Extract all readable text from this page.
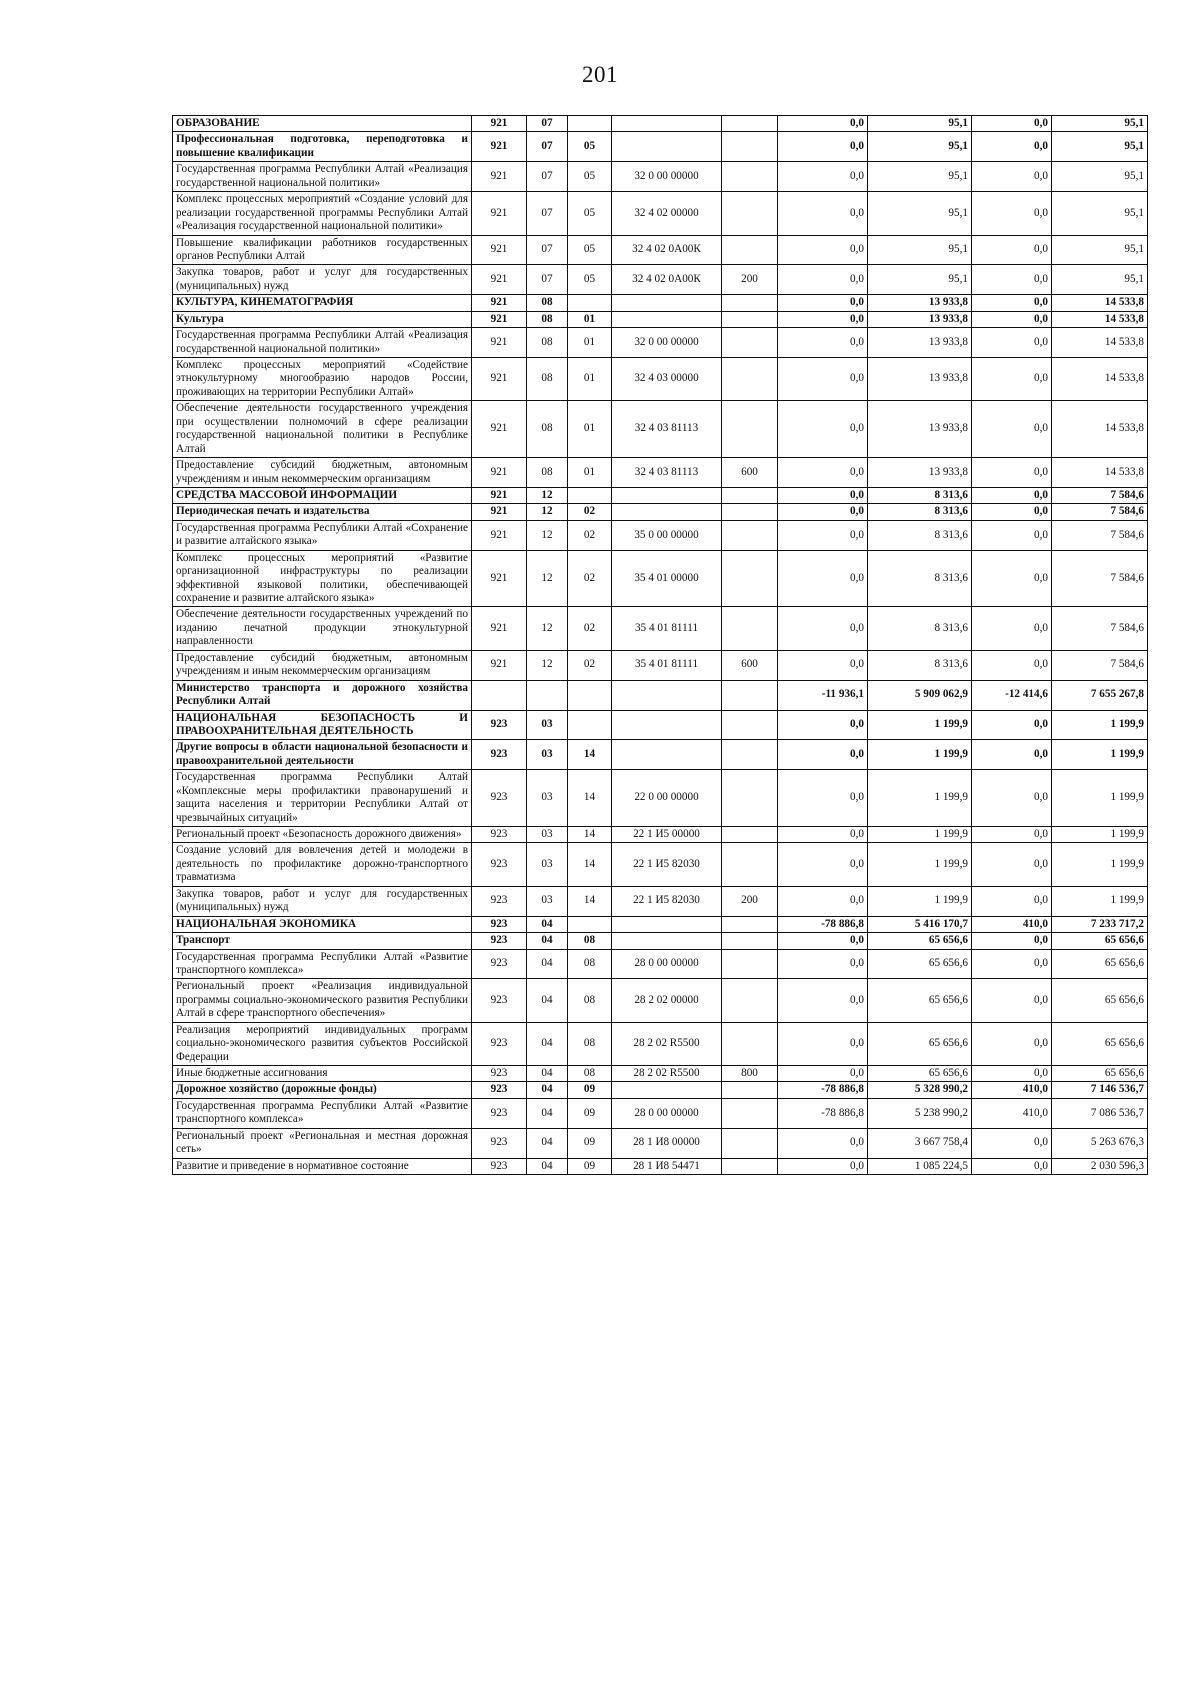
201
ОБРАЗОВАНИЕ	921	07				0,0	95,1	0,0	95,1
Профессиональная подготовка, переподготовка и повышение квалификации	921	07	05			0,0	95,1	0,0	95,1
Государственная программа Республики Алтай «Реализация государственной национальной политики»	921	07	05	32 0 00 00000		0,0	95,1	0,0	95,1
Комплекс процессных мероприятий «Создание условий для реализации государственной программы Республики Алтай «Реализация государственной национальной политики»	921	07	05	32 4 02 00000		0,0	95,1	0,0	95,1
Повышение квалификации работников государственных органов Республики Алтай	921	07	05	32 4 02 0А00К		0,0	95,1	0,0	95,1
Закупка товаров, работ и услуг для государственных (муниципальных) нужд	921	07	05	32 4 02 0А00К	200	0,0	95,1	0,0	95,1
КУЛЬТУРА, КИНЕМАТОГРАФИЯ	921	08				0,0	13 933,8	0,0	14 533,8
Культура	921	08	01			0,0	13 933,8	0,0	14 533,8
Государственная программа Республики Алтай «Реализация государственной национальной политики»	921	08	01	32 0 00 00000		0,0	13 933,8	0,0	14 533,8
Комплекс процессных мероприятий «Содействие этнокультурному многообразию народов России, проживающих на территории Республики Алтай»	921	08	01	32 4 03 00000		0,0	13 933,8	0,0	14 533,8
Обеспечение деятельности государственного учреждения при осуществлении полномочий в сфере реализации государственной национальной политики в Республике Алтай	921	08	01	32 4 03 81113		0,0	13 933,8	0,0	14 533,8
Предоставление субсидий бюджетным, автономным учреждениям и иным некоммерческим организациям	921	08	01	32 4 03 81113	600	0,0	13 933,8	0,0	14 533,8
СРЕДСТВА МАССОВОЙ ИНФОРМАЦИИ	921	12				0,0	8 313,6	0,0	7 584,6
Периодическая печать и издательства	921	12	02			0,0	8 313,6	0,0	7 584,6
Государственная программа Республики Алтай «Сохранение и развитие алтайского языка»	921	12	02	35 0 00 00000		0,0	8 313,6	0,0	7 584,6
Комплекс процессных мероприятий «Развитие организационной инфраструктуры по реализации эффективной языковой политики, обеспечивающей сохранение и развитие алтайского языка»	921	12	02	35 4 01 00000		0,0	8 313,6	0,0	7 584,6
Обеспечение деятельности государственных учреждений по изданию печатной продукции этнокультурной направленности	921	12	02	35 4 01 81111		0,0	8 313,6	0,0	7 584,6
Предоставление субсидий бюджетным, автономным учреждениям и иным некоммерческим организациям	921	12	02	35 4 01 81111	600	0,0	8 313,6	0,0	7 584,6
Министерство транспорта и дорожного хозяйства Республики Алтай						-11 936,1	5 909 062,9	-12 414,6	7 655 267,8
НАЦИОНАЛЬНАЯ БЕЗОПАСНОСТЬ И ПРАВООХРАНИТЕЛЬНАЯ ДЕЯТЕЛЬНОСТЬ	923	03				0,0	1 199,9	0,0	1 199,9
Другие вопросы в области национальной безопасности и правоохранительной деятельности	923	03	14			0,0	1 199,9	0,0	1 199,9
Государственная программа Республики Алтай «Комплексные меры профилактики правонарушений и защита населения и территории Республики Алтай от чрезвычайных ситуаций»	923	03	14	22 0 00 00000		0,0	1 199,9	0,0	1 199,9
Региональный проект «Безопасность дорожного движения»	923	03	14	22 1 И5 00000		0,0	1 199,9	0,0	1 199,9
Создание условий для вовлечения детей и молодежи в деятельность по профилактике дорожно-транспортного травматизма	923	03	14	22 1 И5 82030		0,0	1 199,9	0,0	1 199,9
Закупка товаров, работ и услуг для государственных (муниципальных) нужд	923	03	14	22 1 И5 82030	200	0,0	1 199,9	0,0	1 199,9
НАЦИОНАЛЬНАЯ ЭКОНОМИКА	923	04				-78 886,8	5 416 170,7	410,0	7 233 717,2
Транспорт	923	04	08			0,0	65 656,6	0,0	65 656,6
Государственная программа Республики Алтай «Развитие транспортного комплекса»	923	04	08	28 0 00 00000		0,0	65 656,6	0,0	65 656,6
Региональный проект «Реализация индивидуальной программы социально-экономического развития Республики Алтай в сфере транспортного обеспечения»	923	04	08	28 2 02 00000		0,0	65 656,6	0,0	65 656,6
Реализация мероприятий индивидуальных программ социально-экономического развития субъектов Российской Федерации	923	04	08	28 2 02 R5500		0,0	65 656,6	0,0	65 656,6
Иные бюджетные ассигнования	923	04	08	28 2 02 R5500	800	0,0	65 656,6	0,0	65 656,6
Дорожное хозяйство (дорожные фонды)	923	04	09			-78 886,8	5 328 990,2	410,0	7 146 536,7
Государственная программа Республики Алтай «Развитие транспортного комплекса»	923	04	09	28 0 00 00000		-78 886,8	5 238 990,2	410,0	7 086 536,7
Региональный проект «Региональная и местная дорожная сеть»	923	04	09	28 1 И8 00000		0,0	3 667 758,4	0,0	5 263 676,3
Развитие и приведение в нормативное состояние	923	04	09	28 1 И8 54471		0,0	1 085 224,5	0,0	2 030 596,3
